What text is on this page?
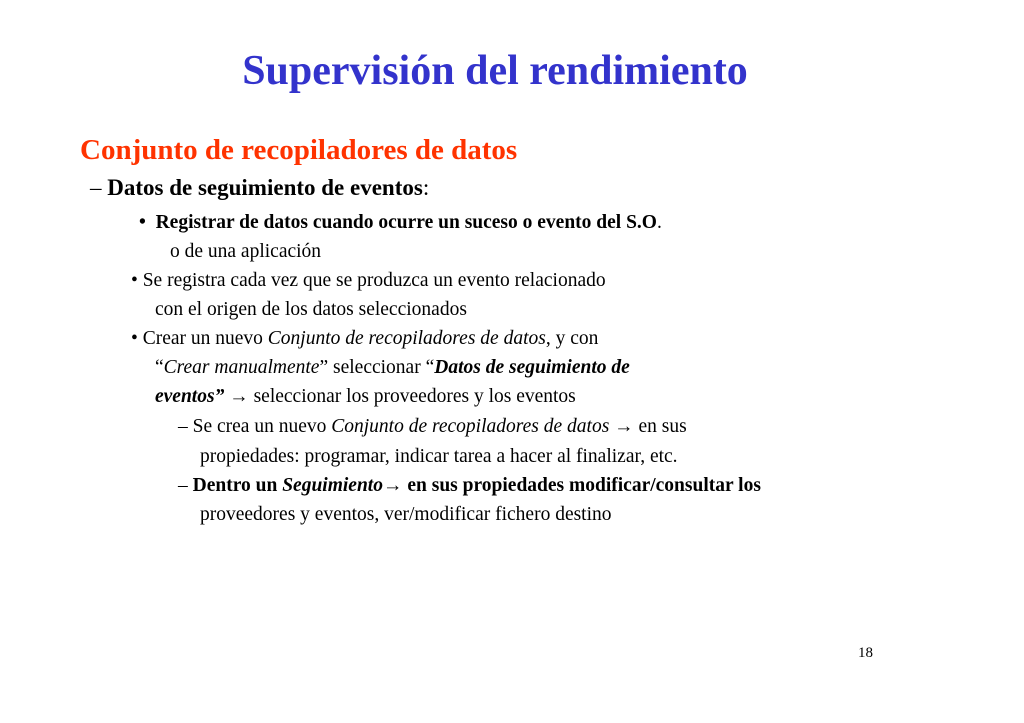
Supervisión del rendimiento
Conjunto de recopiladores de datos
– Datos de seguimiento de eventos:
• Registrar de datos cuando ocurre un suceso o evento del S.O.
o de una aplicación
• Se registra cada vez que se produzca un evento relacionado
con el origen de los datos seleccionados
• Crear un nuevo Conjunto de recopiladores de datos, y con
“Crear manualmente” seleccionar “Datos de seguimiento de
eventos” → seleccionar los proveedores y los eventos
– Se crea un nuevo Conjunto de recopiladores de datos → en sus
propiedades: programar, indicar tarea a hacer al finalizar, etc.
– Dentro un Seguimiento→ en sus propiedades modificar/consultar los
proveedores y eventos, ver/modificar fichero destino
18
